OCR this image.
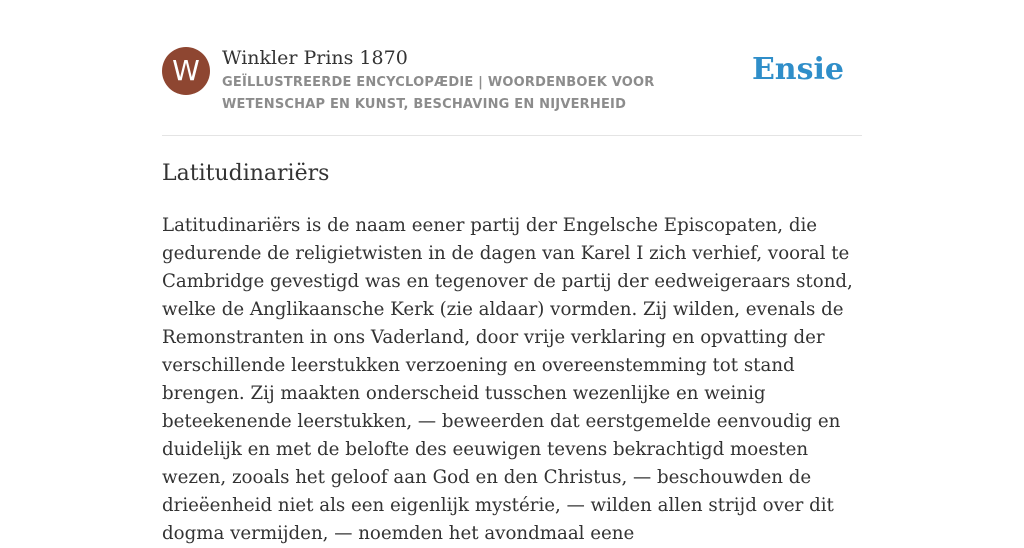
W	Winkler Prins 1870
GEÏLLUSTREERDE ENCYCLOPÆDIE | WOORDENBOEK VOOR WETENSCHAP EN KUNST, BESCHAVING EN NIJVERHEID
Ensie
Latitudinariërs

Latitudinariërs is de naam eener partij der Engelsche Episcopaten, die gedurende de religietwisten in de dagen van Karel I zich verhief, vooral te Cambridge gevestigd was en tegenover de partij der eedweigeraars stond, welke de Anglikaansche Kerk (zie aldaar) vormden. Zij wilden, evenals de Remonstranten in ons Vaderland, door vrije verklaring en opvatting der verschillende leerstukken verzoening en overeenstemming tot stand brengen. Zij maakten onderscheid tusschen wezenlijke en weinig beteekenende leerstukken, — beweerden dat eerstgemelde eenvoudig en duidelijk en met de belofte des eeuwigen tevens bekrachtigd moesten wezen, zooals het geloof aan God en den Christus, — beschouwden de drieëenheid niet als een eigenlijk mystérie, — wilden allen strijd over dit dogma vermijden, — noemden het avondmaal eene
